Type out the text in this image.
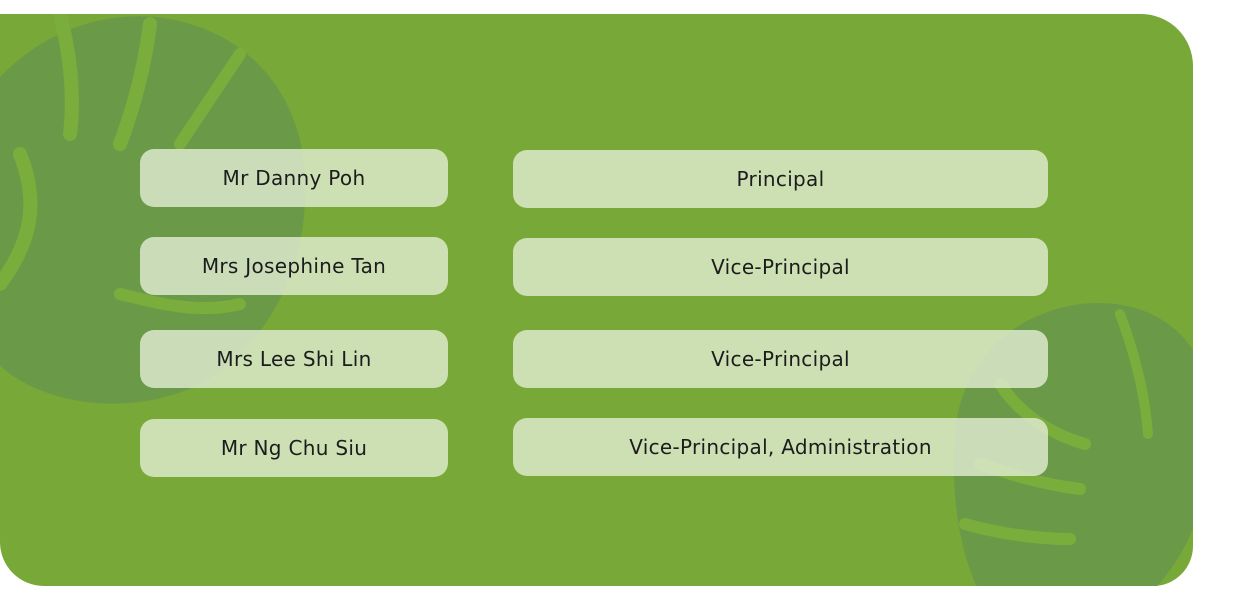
Mr Danny Poh	Principal
Mrs Josephine Tan	Vice-Principal
Mrs Lee Shi Lin	Vice-Principal
Mr Ng Chu Siu	Vice-Principal, Administration
